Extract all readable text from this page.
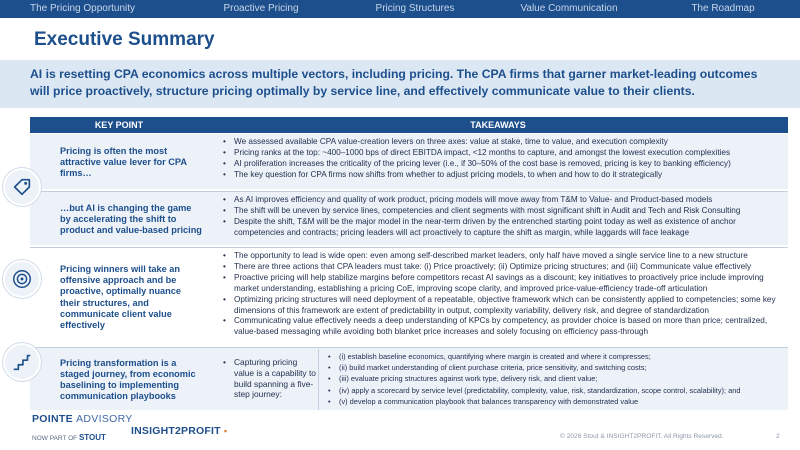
The Pricing Opportunity	Proactive Pricing	Pricing Structures	Value Communication	The Roadmap
Executive Summary
AI is resetting CPA economics across multiple vectors, including pricing. The CPA firms that garner market-leading outcomes will price proactively, structure pricing optimally by service line, and effectively communicate value to their clients.
KEY POINT	TAKEAWAYS
Pricing is often the most attractive value lever for CPA firms…
• We assessed available CPA value-creation levers on three axes: value at stake, time to value, and execution complexity
• Pricing ranks at the top: ~400–1000 bps of direct EBITDA impact, <12 months to capture, and amongst the lowest execution complexities
• AI proliferation increases the criticality of the pricing lever (i.e., if 30–50% of the cost base is removed, pricing is key to banking efficiency)
• The key question for CPA firms now shifts from whether to adjust pricing models, to when and how to do it strategically
…but AI is changing the game by accelerating the shift to product and value-based pricing
• As AI improves efficiency and quality of work product, pricing models will move away from T&M to Value- and Product-based models
• The shift will be uneven by service lines, competencies and client segments with most significant shift in Audit and Tech and Risk Consulting
• Despite the shift, T&M will be the major model in the near-term driven by the entrenched starting point today as well as existence of anchor competencies and contracts; pricing leaders will act proactively to capture the shift as margin, while laggards will face leakage
Pricing winners will take an offensive approach and be proactive, optimally nuance their structures, and communicate client value effectively
• The opportunity to lead is wide open: even among self-described market leaders, only half have moved a single service line to a new structure
• There are three actions that CPA leaders must take: (i) Price proactively; (ii) Optimize pricing structures; and (iii) Communicate value effectively
• Proactive pricing will help stabilize margins before competitors recast AI savings as a discount; key initiatives to proactively price include improving market understanding, establishing a pricing CoE, improving scope clarity, and improved price-value-efficiency trade-off articulation
• Optimizing pricing structures will need deployment of a repeatable, objective framework which can be consistently applied to competencies; some key dimensions of this framework are extent of predictability in output, complexity variability, delivery risk, and degree of standardization
• Communicating value effectively needs a deep understanding of KPCs by competency, as provider choice is based on more than price; centralized, value-based messaging while avoiding both blanket price increases and solely focusing on efficiency pass-through
Pricing transformation is a staged journey, from economic baselining to implementing communication playbooks
• Capturing pricing value is a capability to build spanning a five-step journey:
• (i) establish baseline economics, quantifying where margin is created and where it compresses;
• (ii) build market understanding of client purchase criteria, price sensitivity, and switching costs;
• (iii) evaluate pricing structures against work type, delivery risk, and client value;
• (iv) apply a scorecard by service level (predictability, complexity, value, risk, standardization, scope control, scalability); and
• (v) develop a communication playbook that balances transparency with demonstrated value
POINTE ADVISORY
NOW PART OF STOUT
INSIGHT2PROFIT ▪
© 2026 Stout & INSIGHT2PROFIT. All Rights Reserved.	2
